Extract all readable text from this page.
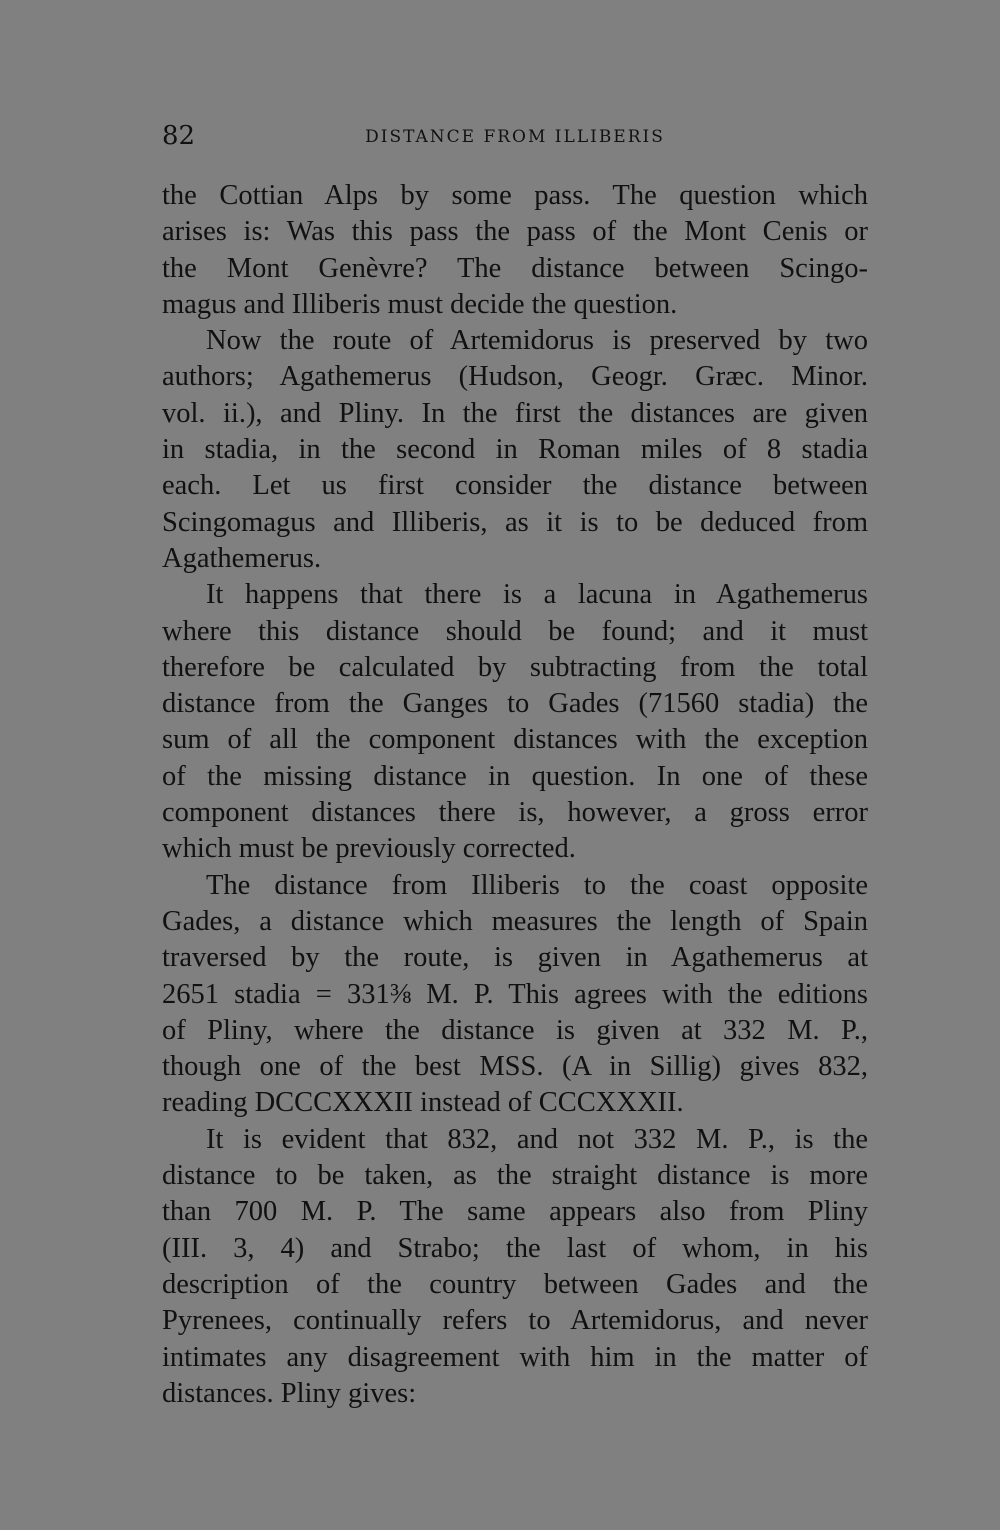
82	DISTANCE FROM ILLIBERIS

the Cottian Alps by some pass. The question which
arises is: Was this pass the pass of the Mont Cenis or
the Mont Genèvre? The distance between Scingo-
magus and Illiberis must decide the question.

Now the route of Artemidorus is preserved by two
authors; Agathemerus (Hudson, Geogr. Græc. Minor.
vol. ii.), and Pliny. In the first the distances are given
in stadia, in the second in Roman miles of 8 stadia
each. Let us first consider the distance between
Scingomagus and Illiberis, as it is to be deduced from
Agathemerus.

It happens that there is a lacuna in Agathemerus
where this distance should be found; and it must
therefore be calculated by subtracting from the total
distance from the Ganges to Gades (71560 stadia) the
sum of all the component distances with the exception
of the missing distance in question. In one of these
component distances there is, however, a gross error
which must be previously corrected.

The distance from Illiberis to the coast opposite
Gades, a distance which measures the length of Spain
traversed by the route, is given in Agathemerus at
2651 stadia = 331⅜ M. P. This agrees with the editions
of Pliny, where the distance is given at 332 M. P.,
though one of the best MSS. (A in Sillig) gives 832,
reading DCCCXXXII instead of CCCXXXII.

It is evident that 832, and not 332 M. P., is the
distance to be taken, as the straight distance is more
than 700 M. P. The same appears also from Pliny
(III. 3, 4) and Strabo; the last of whom, in his
description of the country between Gades and the
Pyrenees, continually refers to Artemidorus, and never
intimates any disagreement with him in the matter of
distances. Pliny gives:
